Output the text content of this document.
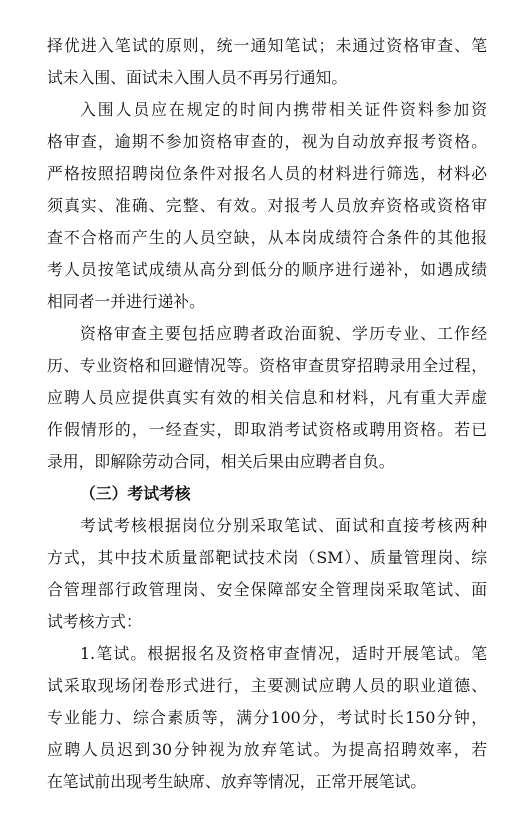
择优进入笔试的原则，统一通知笔试；未通过资格审查、笔
试未入围、面试未入围人员不再另行通知。
入围人员应在规定的时间内携带相关证件资料参加资
格审查，逾期不参加资格审查的，视为自动放弃报考资格。
严格按照招聘岗位条件对报名人员的材料进行筛选，材料必
须真实、准确、完整、有效。对报考人员放弃资格或资格审
查不合格而产生的人员空缺，从本岗成绩符合条件的其他报
考人员按笔试成绩从高分到低分的顺序进行递补，如遇成绩
相同者一并进行递补。
资格审查主要包括应聘者政治面貌、学历专业、工作经
历、专业资格和回避情况等。资格审查贯穿招聘录用全过程，
应聘人员应提供真实有效的相关信息和材料，凡有重大弄虚
作假情形的，一经查实，即取消考试资格或聘用资格。若已
录用，即解除劳动合同，相关后果由应聘者自负。
（三）考试考核
考试考核根据岗位分别采取笔试、面试和直接考核两种
方式，其中技术质量部靶试技术岗（SM）、质量管理岗、综
合管理部行政管理岗、安全保障部安全管理岗采取笔试、面
试考核方式：
1.笔试。根据报名及资格审查情况，适时开展笔试。笔
试采取现场闭卷形式进行，主要测试应聘人员的职业道德、
专业能力、综合素质等，满分100分，考试时长150分钟，
应聘人员迟到30分钟视为放弃笔试。为提高招聘效率，若
在笔试前出现考生缺席、放弃等情况，正常开展笔试。
